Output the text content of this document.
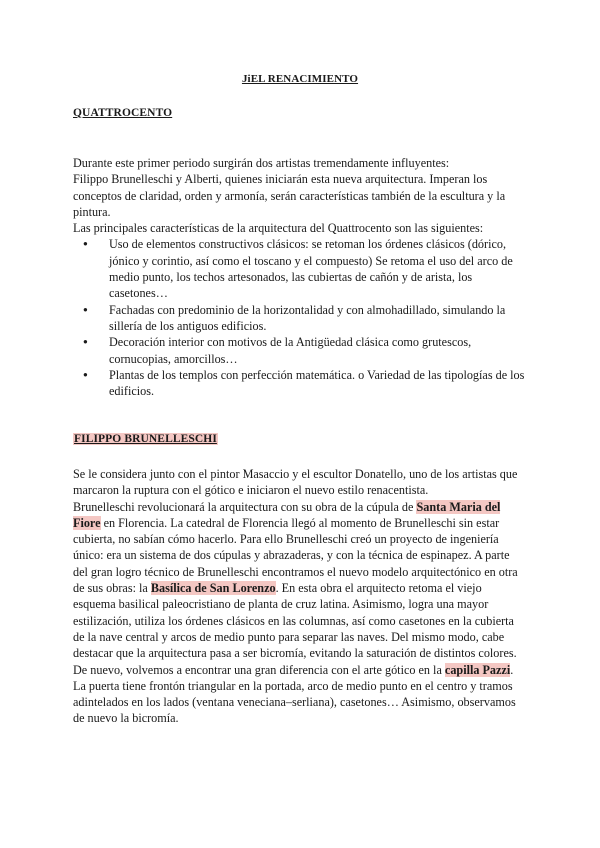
JiEL RENACIMIENTO
QUATTROCENTO

Durante este primer periodo surgirán dos artistas tremendamente influyentes:

Filippo Brunelleschi y Alberti, quienes iniciarán esta nueva arquitectura. Imperan los conceptos de claridad, orden y armonía, serán características también de la escultura y la pintura.

Las principales características de la arquitectura del Quattrocento son las siguientes:

● Uso de elementos constructivos clásicos: se retoman los órdenes clásicos (dórico, jónico y corintio, así como el toscano y el compuesto) Se retoma el uso del arco de medio punto, los techos artesonados, las cubiertas de cañón y de arista, los casetones…
● Fachadas con predominio de la horizontalidad y con almohadillado, simulando la sillería de los antiguos edificios.
● Decoración interior con motivos de la Antigüedad clásica como grutescos, cornucopias, amorcillos…
● Plantas de los templos con perfección matemática. o Variedad de las tipologías de los edificios.
FILIPPO BRUNELLESCHI

Se le considera junto con el pintor Masaccio y el escultor Donatello, uno de los artistas que marcaron la ruptura con el gótico e iniciaron el nuevo estilo renacentista.

Brunelleschi revolucionará la arquitectura con su obra de la cúpula de Santa Maria del Fiore en Florencia. La catedral de Florencia llegó al momento de Brunelleschi sin estar cubierta, no sabían cómo hacerlo. Para ello Brunelleschi creó un proyecto de ingeniería único: era un sistema de dos cúpulas y abrazaderas, y con la técnica de espinapez. A parte del gran logro técnico de Brunelleschi encontramos el nuevo modelo arquitectónico en otra de sus obras: la Basílica de San Lorenzo. En esta obra el arquitecto retoma el viejo esquema basilical paleocristiano de planta de cruz latina. Asimismo, logra una mayor estilización, utiliza los órdenes clásicos en las columnas, así como casetones en la cubierta de la nave central y arcos de medio punto para separar las naves. Del mismo modo, cabe destacar que la arquitectura pasa a ser bicromía, evitando la saturación de distintos colores. De nuevo, volvemos a encontrar una gran diferencia con el arte gótico en la capilla Pazzi. La puerta tiene frontón triangular en la portada, arco de medio punto en el centro y tramos adintelados en los lados (ventana veneciana–serliana), casetones… Asimismo, observamos de nuevo la bicromía.
